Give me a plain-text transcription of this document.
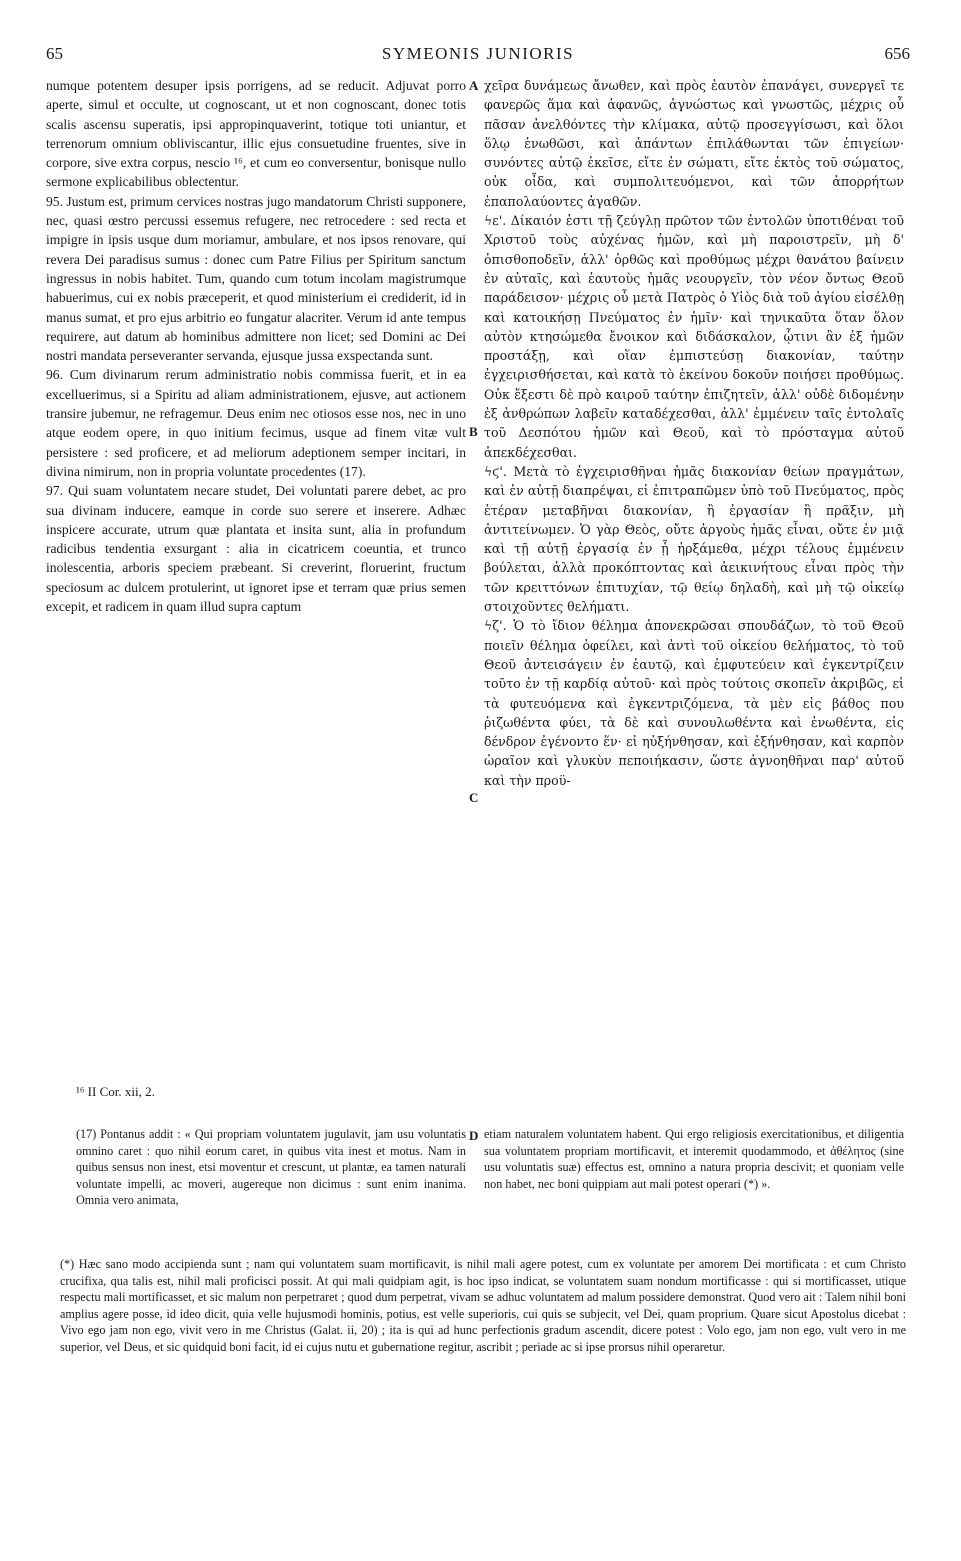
65	SYMEONIS JUNIORIS	656

numque potentem desuper ipsis porrigens, ad se reducit. Adjuvat porro aperte, simul et occulte, ut cognoscant, ut et non cognoscant, donec totis scalis ascensu superatis, ipsi appropinquaverint, totique toti uniantur, et terrenorum omnium obliviscantur, illic ejus consuetudine fruentes, sive in corpore, sive extra corpus, nescio ¹⁶, et cum eo conversentur, bonisque nullo sermone explicabilibus oblectentur.

95. Justum est, primum cervices nostras jugo mandatorum Christi supponere, nec, quasi œstro percussi essemus refugere, nec retrocedere : sed recta et impigre in ipsis usque dum moriamur, ambulare, et nos ipsos renovare, qui revera Dei paradisus sumus : donec cum Patre Filius per Spiritum sanctum ingressus in nobis habitet. Tum, quando cum totum incolam magistrumque habuerimus, cui ex nobis præceperit, et quod ministerium ei crediderit, id in manus sumat, et pro ejus arbitrio eo fungatur alacriter. Verum id ante tempus requirere, aut datum ab hominibus admittere non licet; sed Domini ac Dei nostri mandata perseveranter servanda, ejusque jussa exspectanda sunt.

96. Cum divinarum rerum administratio nobis commissa fuerit, et in ea excelluerimus, si a Spiritu ad aliam administrationem, ejusve, aut actionem transire jubemur, ne refragemur. Deus enim nec otiosos esse nos, nec in uno atque eodem opere, in quo initium fecimus, usque ad finem vitæ vult persistere : sed proficere, et ad meliorum adeptionem semper incitari, in divina nimirum, non in propria voluntate procedentes (17).

97. Qui suam voluntatem necare studet, Dei voluntati parere debet, ac pro sua divinam inducere, eamque in corde suo serere et inserere. Adhæc inspicere accurate, utrum quæ plantata et insita sunt, alia in profundum radicibus tendentia exsurgant : alia in cicatricem coeuntia, et trunco inolescentia, arboris speciem præbeant. Si creverint, floruerint, fructum speciosum ac dulcem protulerint, ut ignoret ipse et terram quæ prius semen excepit, et radicem in quam illud supra captum

χεῖρα δυνάμεως ἄνωθεν, καὶ πρὸς ἑαυτὸν ἐπανάγει, συνεργεῖ τε φανερῶς ἅμα καὶ ἀφανῶς, ἀγνώστως καὶ γνωστῶς, μέχρις οὗ πᾶσαν ἀνελθόντες τὴν κλίμακα, αὐτῷ προσεγγίσωσι, καὶ ὅλοι ὅλῳ ἑνωθῶσι, καὶ ἁπάντων ἐπιλάθωνται τῶν ἐπιγείων· συνόντες αὐτῷ ἐκεῖσε, εἴτε ἐν σώματι, εἴτε ἐκτὸς τοῦ σώματος, οὐκ οἶδα, καὶ συμπολιτευόμενοι, καὶ τῶν ἀπορρήτων ἐπαπολαύοντες ἀγαθῶν.

ϟε'. Δίκαιόν ἐστι τῇ ζεύγλῃ πρῶτον τῶν ἐντολῶν ὑποτιθέναι τοῦ Χριστοῦ τοὺς αὐχένας ἡμῶν, καὶ μὴ παροιστρεῖν, μὴ δ' ὀπισθοποδεῖν, ἀλλ' ὀρθῶς καὶ προθύμως μέχρι θανάτου βαίνειν ἐν αὐταῖς, καὶ ἑαυτοὺς ἡμᾶς νεουργεῖν, τὸν νέον ὄντως Θεοῦ παράδεισον· μέχρις οὗ μετὰ Πατρὸς ὁ Υἱὸς διὰ τοῦ ἁγίου εἰσέλθῃ καὶ κατοικήσῃ Πνεύματος ἐν ἡμῖν· καὶ τηνικαῦτα ὅταν ὅλον αὐτὸν κτησώμεθα ἔνοικον καὶ διδάσκαλον, ᾧτινι ἂν ἐξ ἡμῶν προστάξῃ, καὶ οἵαν ἐμπιστεύσῃ διακονίαν, ταύτην ἐγχειρισθήσεται, καὶ κατὰ τὸ ἐκείνου δοκοῦν ποιήσει προθύμως. Οὐκ ἔξεστι δὲ πρὸ καιροῦ ταύτην ἐπιζητεῖν, ἀλλ' οὐδὲ διδομένην ἐξ ἀνθρώπων λαβεῖν καταδέχεσθαι, ἀλλ' ἐμμένειν ταῖς ἐντολαῖς τοῦ Δεσπότου ἡμῶν καὶ Θεοῦ, καὶ τὸ πρόσταγμα αὐτοῦ ἀπεκδέχεσθαι.

ϟϛ'. Μετὰ τὸ ἐγχειρισθῆναι ἡμᾶς διακονίαν θείων πραγμάτων, καὶ ἐν αὐτῇ διαπρέψαι, εἰ ἐπιτραπῶμεν ὑπὸ τοῦ Πνεύματος, πρὸς ἑτέραν μεταβῆναι διακονίαν, ἢ ἐργασίαν ἢ πρᾶξιν, μὴ ἀντιτείνωμεν. Ὁ γὰρ Θεὸς, οὔτε ἀργοὺς ἡμᾶς εἶναι, οὔτε ἐν μιᾷ καὶ τῇ αὐτῇ ἐργασίᾳ ἐν ᾗ ἠρξάμεθα, μέχρι τέλους ἐμμένειν βούλεται, ἀλλὰ προκόπτοντας καὶ ἀεικινήτους εἶναι πρὸς τὴν τῶν κρειττόνων ἐπιτυχίαν, τῷ θείῳ δηλαδὴ, καὶ μὴ τῷ οἰκείῳ στοιχοῦντες θελήματι.

ϟζ'. Ὁ τὸ ἴδιον θέλημα ἀπονεκρῶσαι σπουδάζων, τὸ τοῦ Θεοῦ ποιεῖν θέλημα ὀφείλει, καὶ ἀντὶ τοῦ οἰκείου θελήματος, τὸ τοῦ Θεοῦ ἀντεισάγειν ἐν ἑαυτῷ, καὶ ἐμφυτεύειν καὶ ἐγκεντρίζειν τοῦτο ἐν τῇ καρδίᾳ αὐτοῦ· καὶ πρὸς τούτοις σκοπεῖν ἀκριβῶς, εἰ τὰ φυτευόμενα καὶ ἐγκεντριζόμενα, τὰ μὲν εἰς βάθος που ῥιζωθέντα φύει, τὰ δὲ καὶ συνουλωθέντα καὶ ἐνωθέντα, εἰς δένδρον ἐγένοντο ἕν· εἰ ηὐξήνθησαν, καὶ ἐξήνθησαν, καὶ καρπὸν ὡραῖον καὶ γλυκὺν πεποιήκασιν, ὥστε ἀγνοηθῆναι παρ' αὐτοῦ καὶ τὴν προϋ-

A
B
C
D
¹⁶ II Cor. xii, 2.
(17) Pontanus addit : « Qui propriam voluntatem jugulavit, jam usu voluntatis omnino caret : quo nihil eorum caret, in quibus vita inest et motus. Nam in quibus sensus non inest, etsi moventur et crescunt, ut plantæ, ea tamen naturali voluntate impelli, ac moveri, augereque non dicimus : sunt enim inanima. Omnia vero animata,
etiam naturalem voluntatem habent. Qui ergo religiosis exercitationibus, et diligentia sua voluntatem propriam mortificavit, et interemit quodammodo, et ἀθέλητος (sine usu voluntatis suæ) effectus est, omnino a natura propria descivit; et quoniam velle non habet, nec boni quippiam aut mali potest operari (*) ».
(*) Hæc sano modo accipienda sunt ; nam qui voluntatem suam mortificavit, is nihil mali agere potest, cum ex voluntate per amorem Dei mortificata : et cum Christo crucifixa, qua talis est, nihil mali proficisci possit. At qui mali quidpiam agit, is hoc ipso indicat, se voluntatem suam nondum mortificasse : qui si mortificasset, utique respectu mali mortificasset, et sic malum non perpetraret ; quod dum perpetrat, vivam se adhuc voluntatem ad malum possidere demonstrat. Quod vero ait : Talem nihil boni amplius agere posse, id ideo dicit, quia velle hujusmodi hominis, potius, est velle superioris, cui quis se subjecit, vel Dei, quam proprium. Quare sicut Apostolus dicebat : Vivo ego jam non ego, vivit vero in me Christus (Galat. ii, 20) ; ita is qui ad hunc perfectionis gradum ascendit, dicere potest : Volo ego, jam non ego, vult vero in me superior, vel Deus, et sic quidquid boni facit, id ei cujus nutu et gubernatione regitur, ascribit ; periade ac si ipse prorsus nihil operaretur.
